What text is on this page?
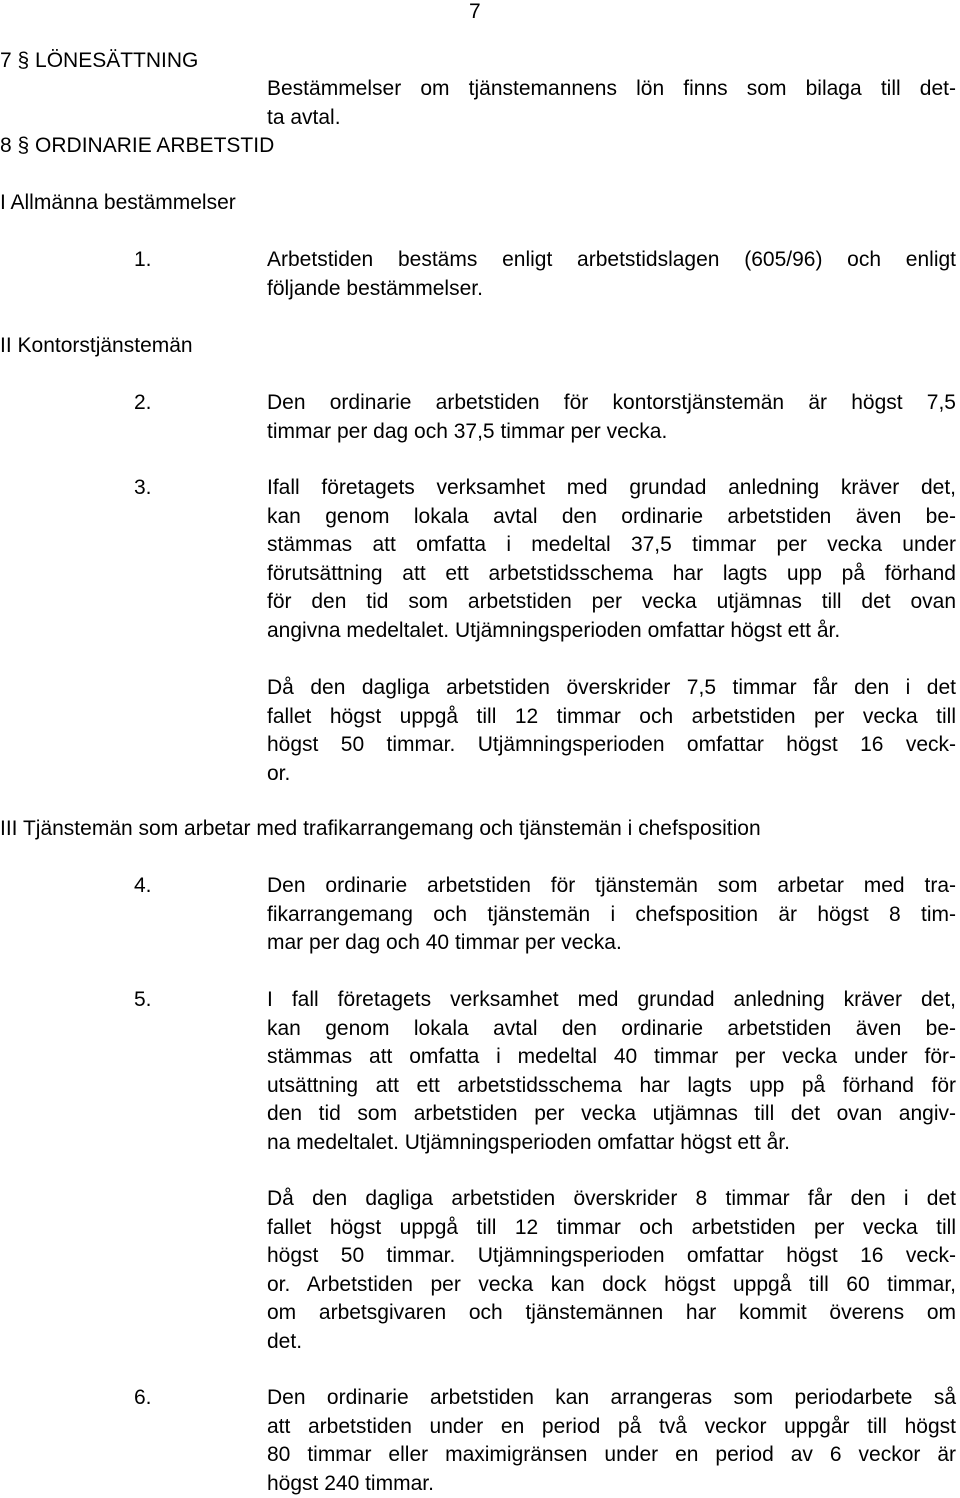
7
7 § LÖNESÄTTNING
Bestämmelser om tjänstemannens lön finns som bilaga till det-
ta avtal.
8 § ORDINARIE ARBETSTID
I Allmänna bestämmelser
1.	Arbetstiden bestäms enligt arbetstidslagen (605/96) och enligt
följande bestämmelser.
II Kontorstjänstemän
2.	Den ordinarie arbetstiden för kontorstjänstemän är högst 7,5
timmar per dag och 37,5 timmar per vecka.
3.	Ifall företagets verksamhet med grundad anledning kräver det,
kan genom lokala avtal den ordinarie arbetstiden även be-
stämmas att omfatta i medeltal 37,5 timmar per vecka under
förutsättning att ett arbetstidsschema har lagts upp på förhand
för den tid som arbetstiden per vecka utjämnas till det ovan
angivna medeltalet. Utjämningsperioden omfattar högst ett år.
Då den dagliga arbetstiden överskrider 7,5 timmar får den i det
fallet högst uppgå till 12 timmar och arbetstiden per vecka till
högst 50 timmar. Utjämningsperioden omfattar högst 16 veck-
or.
III Tjänstemän som arbetar med trafikarrangemang och tjänstemän i chefsposition
4.	Den ordinarie arbetstiden för tjänstemän som arbetar med tra-
fikarrangemang och tjänstemän i chefsposition är högst 8 tim-
mar per dag och 40 timmar per vecka.
5.	I fall företagets verksamhet med grundad anledning kräver det,
kan genom lokala avtal den ordinarie arbetstiden även be-
stämmas att omfatta i medeltal 40 timmar per vecka under för-
utsättning att ett arbetstidsschema har lagts upp på förhand för
den tid som arbetstiden per vecka utjämnas till det ovan angiv-
na medeltalet. Utjämningsperioden omfattar högst ett år.
Då den dagliga arbetstiden överskrider 8 timmar får den i det
fallet högst uppgå till 12 timmar och arbetstiden per vecka till
högst 50 timmar. Utjämningsperioden omfattar högst 16 veck-
or. Arbetstiden per vecka kan dock högst uppgå till 60 timmar,
om arbetsgivaren och tjänstemännen har kommit överens om
det.
6.	Den ordinarie arbetstiden kan arrangeras som periodarbete så
att arbetstiden under en period på två veckor uppgår till högst
80 timmar eller maximigränsen under en period av 6 veckor är
högst 240 timmar.
